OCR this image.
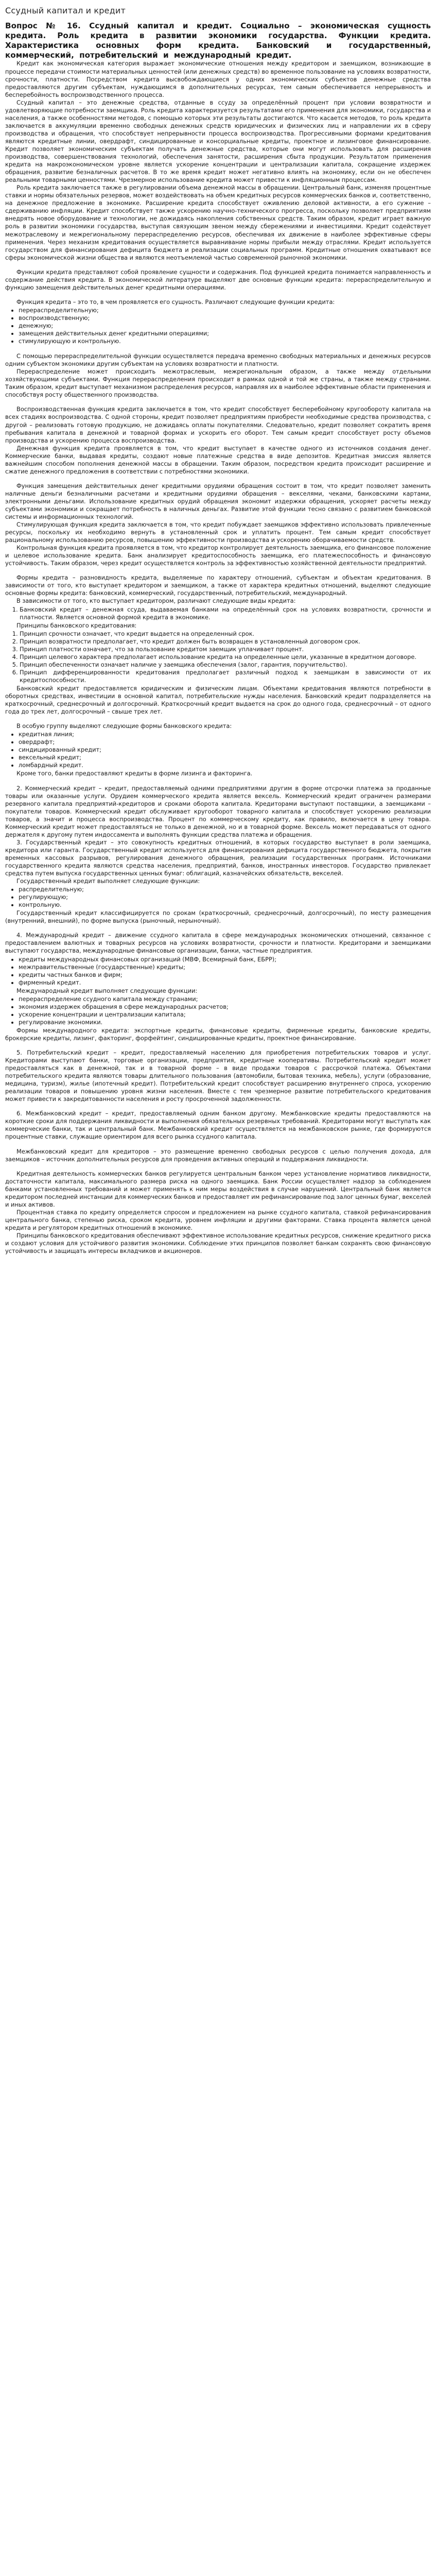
Ссудный капитал и кредит

Вопрос № 16. Ссудный капитал и кредит. Социально – экономическая сущность кредита. Роль кредита в развитии экономики государства. Функции кредита. Характеристика основных форм кредита. Банковский и государственный, коммерческий, потребительский и международный кредит.

Кредит как экономическая категория выражает экономические отношения между кредитором и заемщиком, возникающие в процессе передачи стоимости материальных ценностей (или денежных средств) во временное пользование на условиях возвратности, срочности, платности. Посредством кредита высвобождающиеся у одних экономических субъектов денежные средства предоставляются другим субъектам, нуждающимся в дополнительных ресурсах, тем самым обеспечивается непрерывность и бесперебойность воспроизводственного процесса.

Ссудный капитал – это денежные средства, отданные в ссуду за определённый процент при условии возвратности и удовлетворяющие потребности заемщика. Роль кредита характеризуется результатами его применения для экономики, государства и населения, а также особенностями методов, с помощью которых эти результаты достигаются. Что касается методов, то роль кредита заключается в аккумуляции временно свободных денежных средств юридических и физических лиц и направлении их в сферу производства и обращения, что способствует непрерывности процесса воспроизводства. Прогрессивными формами кредитования являются кредитные линии, овердрафт, синдицированные и консорциальные кредиты, проектное и лизинговое финансирование. Кредит позволяет экономическим субъектам получать денежные средства, которые они могут использовать для расширения производства, совершенствования технологий, обеспечения занятости, расширения сбыта продукции. Результатом применения кредита на макроэкономическом уровне является ускорение концентрации и централизации капитала, сокращение издержек обращения, развитие безналичных расчетов. В то же время кредит может негативно влиять на экономику, если он не обеспечен реальными товарными ценностями. Чрезмерное использование кредита может привести к инфляционным процессам.

Роль кредита заключается также в регулировании объема денежной массы в обращении. Центральный банк, изменяя процентные ставки и нормы обязательных резервов, может воздействовать на объем кредитных ресурсов коммерческих банков и, соответственно, на денежное предложение в экономике. Расширение кредита способствует оживлению деловой активности, а его сужение – сдерживанию инфляции. Кредит способствует также ускорению научно-технического прогресса, поскольку позволяет предприятиям внедрять новое оборудование и технологии, не дожидаясь накопления собственных средств. Таким образом, кредит играет важную роль в развитии экономики государства, выступая связующим звеном между сбережениями и инвестициями. Кредит содействует межотраслевому и межрегиональному перераспределению ресурсов, обеспечивая их движение в наиболее эффективные сферы применения. Через механизм кредитования осуществляется выравнивание нормы прибыли между отраслями. Кредит используется государством для финансирования дефицита бюджета и реализации социальных программ. Кредитные отношения охватывают все сферы экономической жизни общества и являются неотъемлемой частью современной рыночной экономики.

Функции кредита представляют собой проявление сущности и содержания. Под функцией кредита понимается направленность и содержание действия кредита. В экономической литературе выделяют две основные функции кредита: перераспределительную и функцию замещения действительных денег кредитными операциями.

Функция кредита – это то, в чем проявляется его сущность. Различают следующие функции кредита:

• перераспределительную;
• воспроизводственную;
• денежную;
• замещения действительных денег кредитными операциями;
• стимулирующую и контрольную.

С помощью перераспределительной функции осуществляется передача временно свободных материальных и денежных ресурсов одним субъектом экономики другим субъектам на условиях возвратности и платности.

Перераспределение может происходить межотраслевым, межрегиональным образом, а также между отдельными хозяйствующими субъектами. Функция перераспределения происходит в рамках одной и той же страны, а также между странами. Таким образом, кредит выступает механизмом распределения ресурсов, направляя их в наиболее эффективные области применения и способствуя росту общественного производства.

Воспроизводственная функция кредита заключается в том, что кредит способствует бесперебойному кругообороту капитала на всех стадиях воспроизводства. С одной стороны, кредит позволяет предприятиям приобрести необходимые средства производства, с другой – реализовать готовую продукцию, не дожидаясь оплаты покупателями. Следовательно, кредит позволяет сократить время пребывания капитала в денежной и товарной формах и ускорить его оборот. Тем самым кредит способствует росту объемов производства и ускорению процесса воспроизводства.

Денежная функция кредита проявляется в том, что кредит выступает в качестве одного из источников создания денег. Коммерческие банки, выдавая кредиты, создают новые платежные средства в виде депозитов. Кредитная эмиссия является важнейшим способом пополнения денежной массы в обращении. Таким образом, посредством кредита происходит расширение и сжатие денежного предложения в соответствии с потребностями экономики.

Функция замещения действительных денег кредитными орудиями обращения состоит в том, что кредит позволяет заменить наличные деньги безналичными расчетами и кредитными орудиями обращения – векселями, чеками, банковскими картами, электронными деньгами. Использование кредитных орудий обращения экономит издержки обращения, ускоряет расчеты между субъектами экономики и сокращает потребность в наличных деньгах. Развитие этой функции тесно связано с развитием банковской системы и информационных технологий.

Стимулирующая функция кредита заключается в том, что кредит побуждает заемщиков эффективно использовать привлеченные ресурсы, поскольку их необходимо вернуть в установленный срок и уплатить процент. Тем самым кредит способствует рациональному использованию ресурсов, повышению эффективности производства и ускорению оборачиваемости средств.

Контрольная функция кредита проявляется в том, что кредитор контролирует деятельность заемщика, его финансовое положение и целевое использование кредита. Банк анализирует кредитоспособность заемщика, его платежеспособность и финансовую устойчивость. Таким образом, через кредит осуществляется контроль за эффективностью хозяйственной деятельности предприятий.

Формы кредита – разновидность кредита, выделяемые по характеру отношений, субъектам и объектам кредитования. В зависимости от того, кто выступает кредитором и заемщиком, а также от характера кредитных отношений, выделяют следующие основные формы кредита: банковский, коммерческий, государственный, потребительский, международный.

В зависимости от того, кто выступает кредитором, различают следующие виды кредита:

1. Банковский кредит – денежная ссуда, выдаваемая банками на определённый срок на условиях возвратности, срочности и платности. Является основной формой кредита в экономике.

Принципы банковского кредитования:

1. Принцип срочности означает, что кредит выдается на определенный срок.
2. Принцип возвратности предполагает, что кредит должен быть возвращен в установленный договором срок.
3. Принцип платности означает, что за пользование кредитом заемщик уплачивает процент.
4. Принцип целевого характера предполагает использование кредита на определенные цели, указанные в кредитном договоре.
5. Принцип обеспеченности означает наличие у заемщика обеспечения (залог, гарантия, поручительство).
6. Принцип дифференцированности кредитования предполагает различный подход к заемщикам в зависимости от их кредитоспособности.

Банковский кредит предоставляется юридическим и физическим лицам. Объектами кредитования являются потребности в оборотных средствах, инвестиции в основной капитал, потребительские нужды населения. Банковский кредит подразделяется на краткосрочный, среднесрочный и долгосрочный. Краткосрочный кредит выдается на срок до одного года, среднесрочный – от одного года до трех лет, долгосрочный – свыше трех лет.

В особую группу выделяют следующие формы банковского кредита:

• кредитная линия;
• овердрафт;
• синдицированный кредит;
• вексельный кредит;
• ломбардный кредит.

Кроме того, банки предоставляют кредиты в форме лизинга и факторинга.

2. Коммерческий кредит – кредит, предоставляемый одними предприятиями другим в форме отсрочки платежа за проданные товары или оказанные услуги. Орудием коммерческого кредита является вексель. Коммерческий кредит ограничен размерами резервного капитала предприятий-кредиторов и сроками оборота капитала. Кредиторами выступают поставщики, а заемщиками – покупатели товаров. Коммерческий кредит обслуживает кругооборот товарного капитала и способствует ускорению реализации товаров, а значит и процесса воспроизводства. Процент по коммерческому кредиту, как правило, включается в цену товара. Коммерческий кредит может предоставляться не только в денежной, но и в товарной форме. Вексель может передаваться от одного держателя к другому путем индоссамента и выполнять функции средства платежа и обращения.

3. Государственный кредит – это совокупность кредитных отношений, в которых государство выступает в роли заемщика, кредитора или гаранта. Государственный кредит используется для финансирования дефицита государственного бюджета, покрытия временных кассовых разрывов, регулирования денежного обращения, реализации государственных программ. Источниками государственного кредита являются средства населения, предприятий, банков, иностранных инвесторов. Государство привлекает средства путем выпуска государственных ценных бумаг: облигаций, казначейских обязательств, векселей.

Государственный кредит выполняет следующие функции:

• распределительную;
• регулирующую;
• контрольную.

Государственный кредит классифицируется по срокам (краткосрочный, среднесрочный, долгосрочный), по месту размещения (внутренний, внешний), по форме выпуска (рыночный, нерыночный).

4. Международный кредит – движение ссудного капитала в сфере международных экономических отношений, связанное с предоставлением валютных и товарных ресурсов на условиях возвратности, срочности и платности. Кредиторами и заемщиками выступают государства, международные финансовые организации, банки, частные предприятия.

• кредиты международных финансовых организаций (МВФ, Всемирный банк, ЕБРР);
• межправительственные (государственные) кредиты;
• кредиты частных банков и фирм;
• фирменный кредит.

Международный кредит выполняет следующие функции:

• перераспределение ссудного капитала между странами;
• экономия издержек обращения в сфере международных расчетов;
• ускорение концентрации и централизации капитала;
• регулирование экономики.

Формы международного кредита: экспортные кредиты, финансовые кредиты, фирменные кредиты, банковские кредиты, брокерские кредиты, лизинг, факторинг, форфейтинг, синдицированные кредиты, проектное финансирование.

5. Потребительский кредит – кредит, предоставляемый населению для приобретения потребительских товаров и услуг. Кредиторами выступают банки, торговые организации, предприятия, кредитные кооперативы. Потребительский кредит может предоставляться как в денежной, так и в товарной форме – в виде продажи товаров с рассрочкой платежа. Объектами потребительского кредита являются товары длительного пользования (автомобили, бытовая техника, мебель), услуги (образование, медицина, туризм), жилье (ипотечный кредит). Потребительский кредит способствует расширению внутреннего спроса, ускорению реализации товаров и повышению уровня жизни населения. Вместе с тем чрезмерное развитие потребительского кредитования может привести к закредитованности населения и росту просроченной задолженности.

6. Межбанковский кредит – кредит, предоставляемый одним банком другому. Межбанковские кредиты предоставляются на короткие сроки для поддержания ликвидности и выполнения обязательных резервных требований. Кредиторами могут выступать как коммерческие банки, так и центральный банк. Межбанковский кредит осуществляется на межбанковском рынке, где формируются процентные ставки, служащие ориентиром для всего рынка ссудного капитала.

Межбанковский кредит для кредиторов – это размещение временно свободных ресурсов с целью получения дохода, для заемщиков – источник дополнительных ресурсов для проведения активных операций и поддержания ликвидности.

Кредитная деятельность коммерческих банков регулируется центральным банком через установление нормативов ликвидности, достаточности капитала, максимального размера риска на одного заемщика. Банк России осуществляет надзор за соблюдением банками установленных требований и может применять к ним меры воздействия в случае нарушений. Центральный банк является кредитором последней инстанции для коммерческих банков и предоставляет им рефинансирование под залог ценных бумаг, векселей и иных активов.

Процентная ставка по кредиту определяется спросом и предложением на рынке ссудного капитала, ставкой рефинансирования центрального банка, степенью риска, сроком кредита, уровнем инфляции и другими факторами. Ставка процента является ценой кредита и регулятором кредитных отношений в экономике.

Принципы банковского кредитования обеспечивают эффективное использование кредитных ресурсов, снижение кредитного риска и создают условия для устойчивого развития экономики. Соблюдение этих принципов позволяет банкам сохранять свою финансовую устойчивость и защищать интересы вкладчиков и акционеров.
